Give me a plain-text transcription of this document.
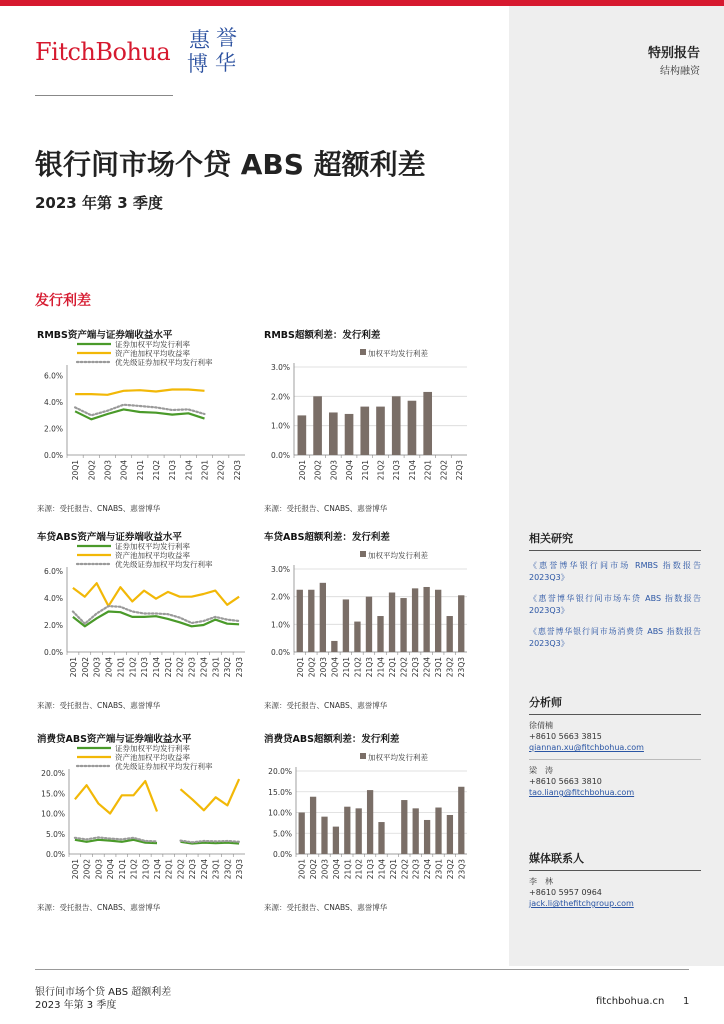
FitchBohua 惠 誉
博 华	特别报告
结构融资
银行间市场个贷 ABS 超额利差
2023 年第 3 季度
发行利差
RMBS资产端与证券端收益水平
证券加权平均发行利率
资产池加权平均收益率
优先级证券加权平均发行利率
0.0%
2.0%
4.0%
6.0%
20Q1 20Q2 20Q3 20Q4 21Q1 21Q2 21Q3 21Q4 22Q1 22Q2 22Q3
来源：受托报告、CNABS、惠誉博华
RMBS超额利差：发行利差
加权平均发行利差
0.0%
1.0%
2.0%
3.0%
20Q1 20Q2 20Q3 20Q4 21Q1 21Q2 21Q3 21Q4 22Q1 22Q2 22Q3
来源：受托报告、CNABS、惠誉博华
车贷ABS资产端与证券端收益水平
证券加权平均发行利率
资产池加权平均收益率
优先级证券加权平均发行利率
0.0%
2.0%
4.0%
6.0%
20Q1 20Q2 20Q3 20Q4 21Q1 21Q2 21Q3 21Q4 22Q1 22Q2 22Q3 22Q4 23Q1 23Q2 23Q3
来源：受托报告、CNABS、惠誉博华
车贷ABS超额利差：发行利差
加权平均发行利差
0.0%
1.0%
2.0%
3.0%
20Q1 20Q2 20Q3 20Q4 21Q1 21Q2 21Q3 21Q4 22Q1 22Q2 22Q3 22Q4 23Q1 23Q2 23Q3
来源：受托报告、CNABS、惠誉博华
消费贷ABS资产端与证券端收益水平
证券加权平均发行利率
资产池加权平均收益率
优先级证券加权平均发行利率
0.0%
5.0%
10.0%
15.0%
20.0%
20Q1 20Q2 20Q3 20Q4 21Q1 21Q2 21Q3 21Q4 22Q1 22Q2 22Q3 22Q4 23Q1 23Q2 23Q3
来源：受托报告、CNABS、惠誉博华
消费贷ABS超额利差：发行利差
加权平均发行利差
0.0%
5.0%
10.0%
15.0%
20.0%
20Q1 20Q2 20Q3 20Q4 21Q1 21Q2 21Q3 21Q4 22Q1 22Q2 22Q3 22Q4 23Q1 23Q2 23Q3
来源：受托报告、CNABS、惠誉博华
相关研究
《惠誉博华银行间市场 RMBS 指数报告 2023Q3》
《惠誉博华银行间市场车贷 ABS 指数报告 2023Q3》
《惠誉博华银行间市场消费贷 ABS 指数报告 2023Q3》
分析师
徐倩楠
+8610 5663 3815
qiannan.xu@fitchbohua.com
梁　涛
+8610 5663 3810
tao.liang@fitchbohua.com
媒体联系人
李　林
+8610 5957 0964
jack.li@thefitchgroup.com
银行间市场个贷 ABS 超额利差
2023 年第 3 季度	fitchbohua.cn 1
